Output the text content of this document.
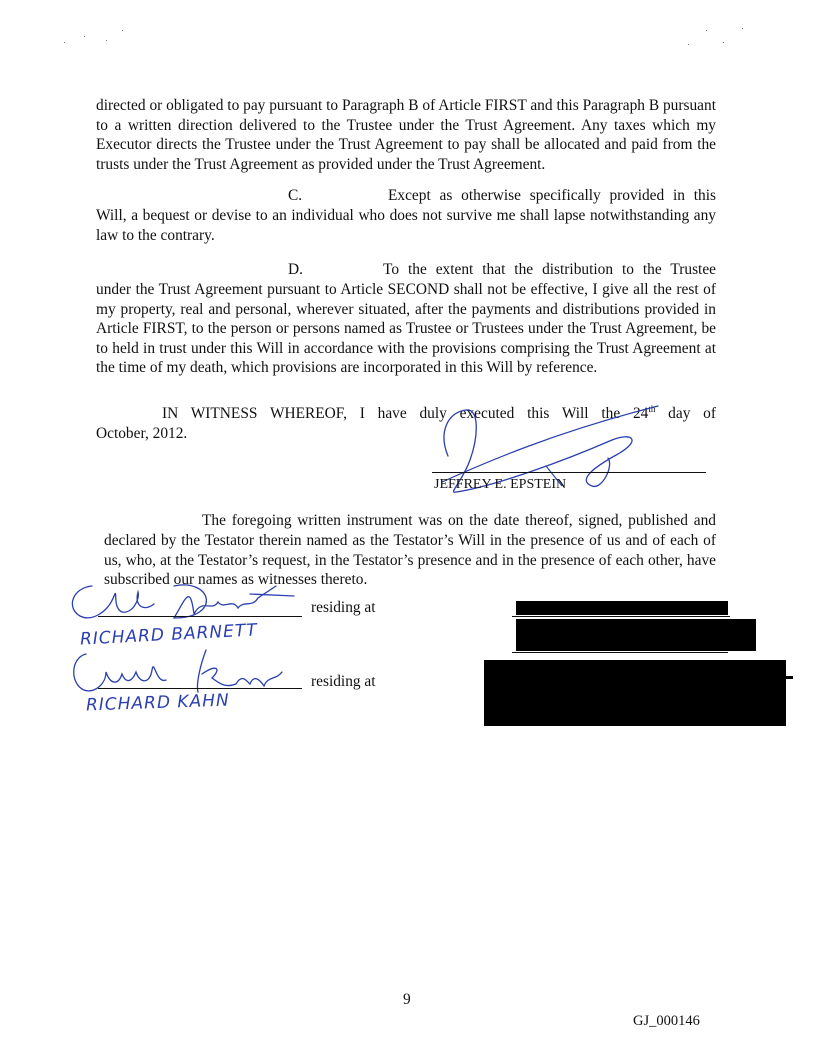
directed or obligated to pay pursuant to Paragraph B of Article FIRST and this Paragraph B pursuant to a written direction delivered to the Trustee under the Trust Agreement. Any taxes which my Executor directs the Trustee under the Trust Agreement to pay shall be allocated and paid from the trusts under the Trust Agreement as provided under the Trust Agreement.

C.	Except as otherwise specifically provided in this

Will, a bequest or devise to an individual who does not survive me shall lapse notwithstanding any law to the contrary.

D.	To the extent that the distribution to the Trustee

under the Trust Agreement pursuant to Article SECOND shall not be effective, I give all the rest of my property, real and personal, wherever situated, after the payments and distributions provided in Article FIRST, to the person or persons named as Trustee or Trustees under the Trust Agreement, be to held in trust under this Will in accordance with the provisions comprising the Trust Agreement at the time of my death, which provisions are incorporated in this Will by reference.

IN WITNESS WHEREOF, I have duly executed this Will the 24th day of
October, 2012.
JEFFREY E. EPSTEIN
The foregoing written instrument was on the date thereof, signed, published and

declared by the Testator therein named as the Testator’s Will in the presence of us and of each of us, who, at the Testator’s request, in the Testator’s presence and in the presence of each other, have subscribed our names as witnesses thereto.

residing at
RICHARD BARNETT
residing at
RICHARD KAHN
9
GJ_000146
